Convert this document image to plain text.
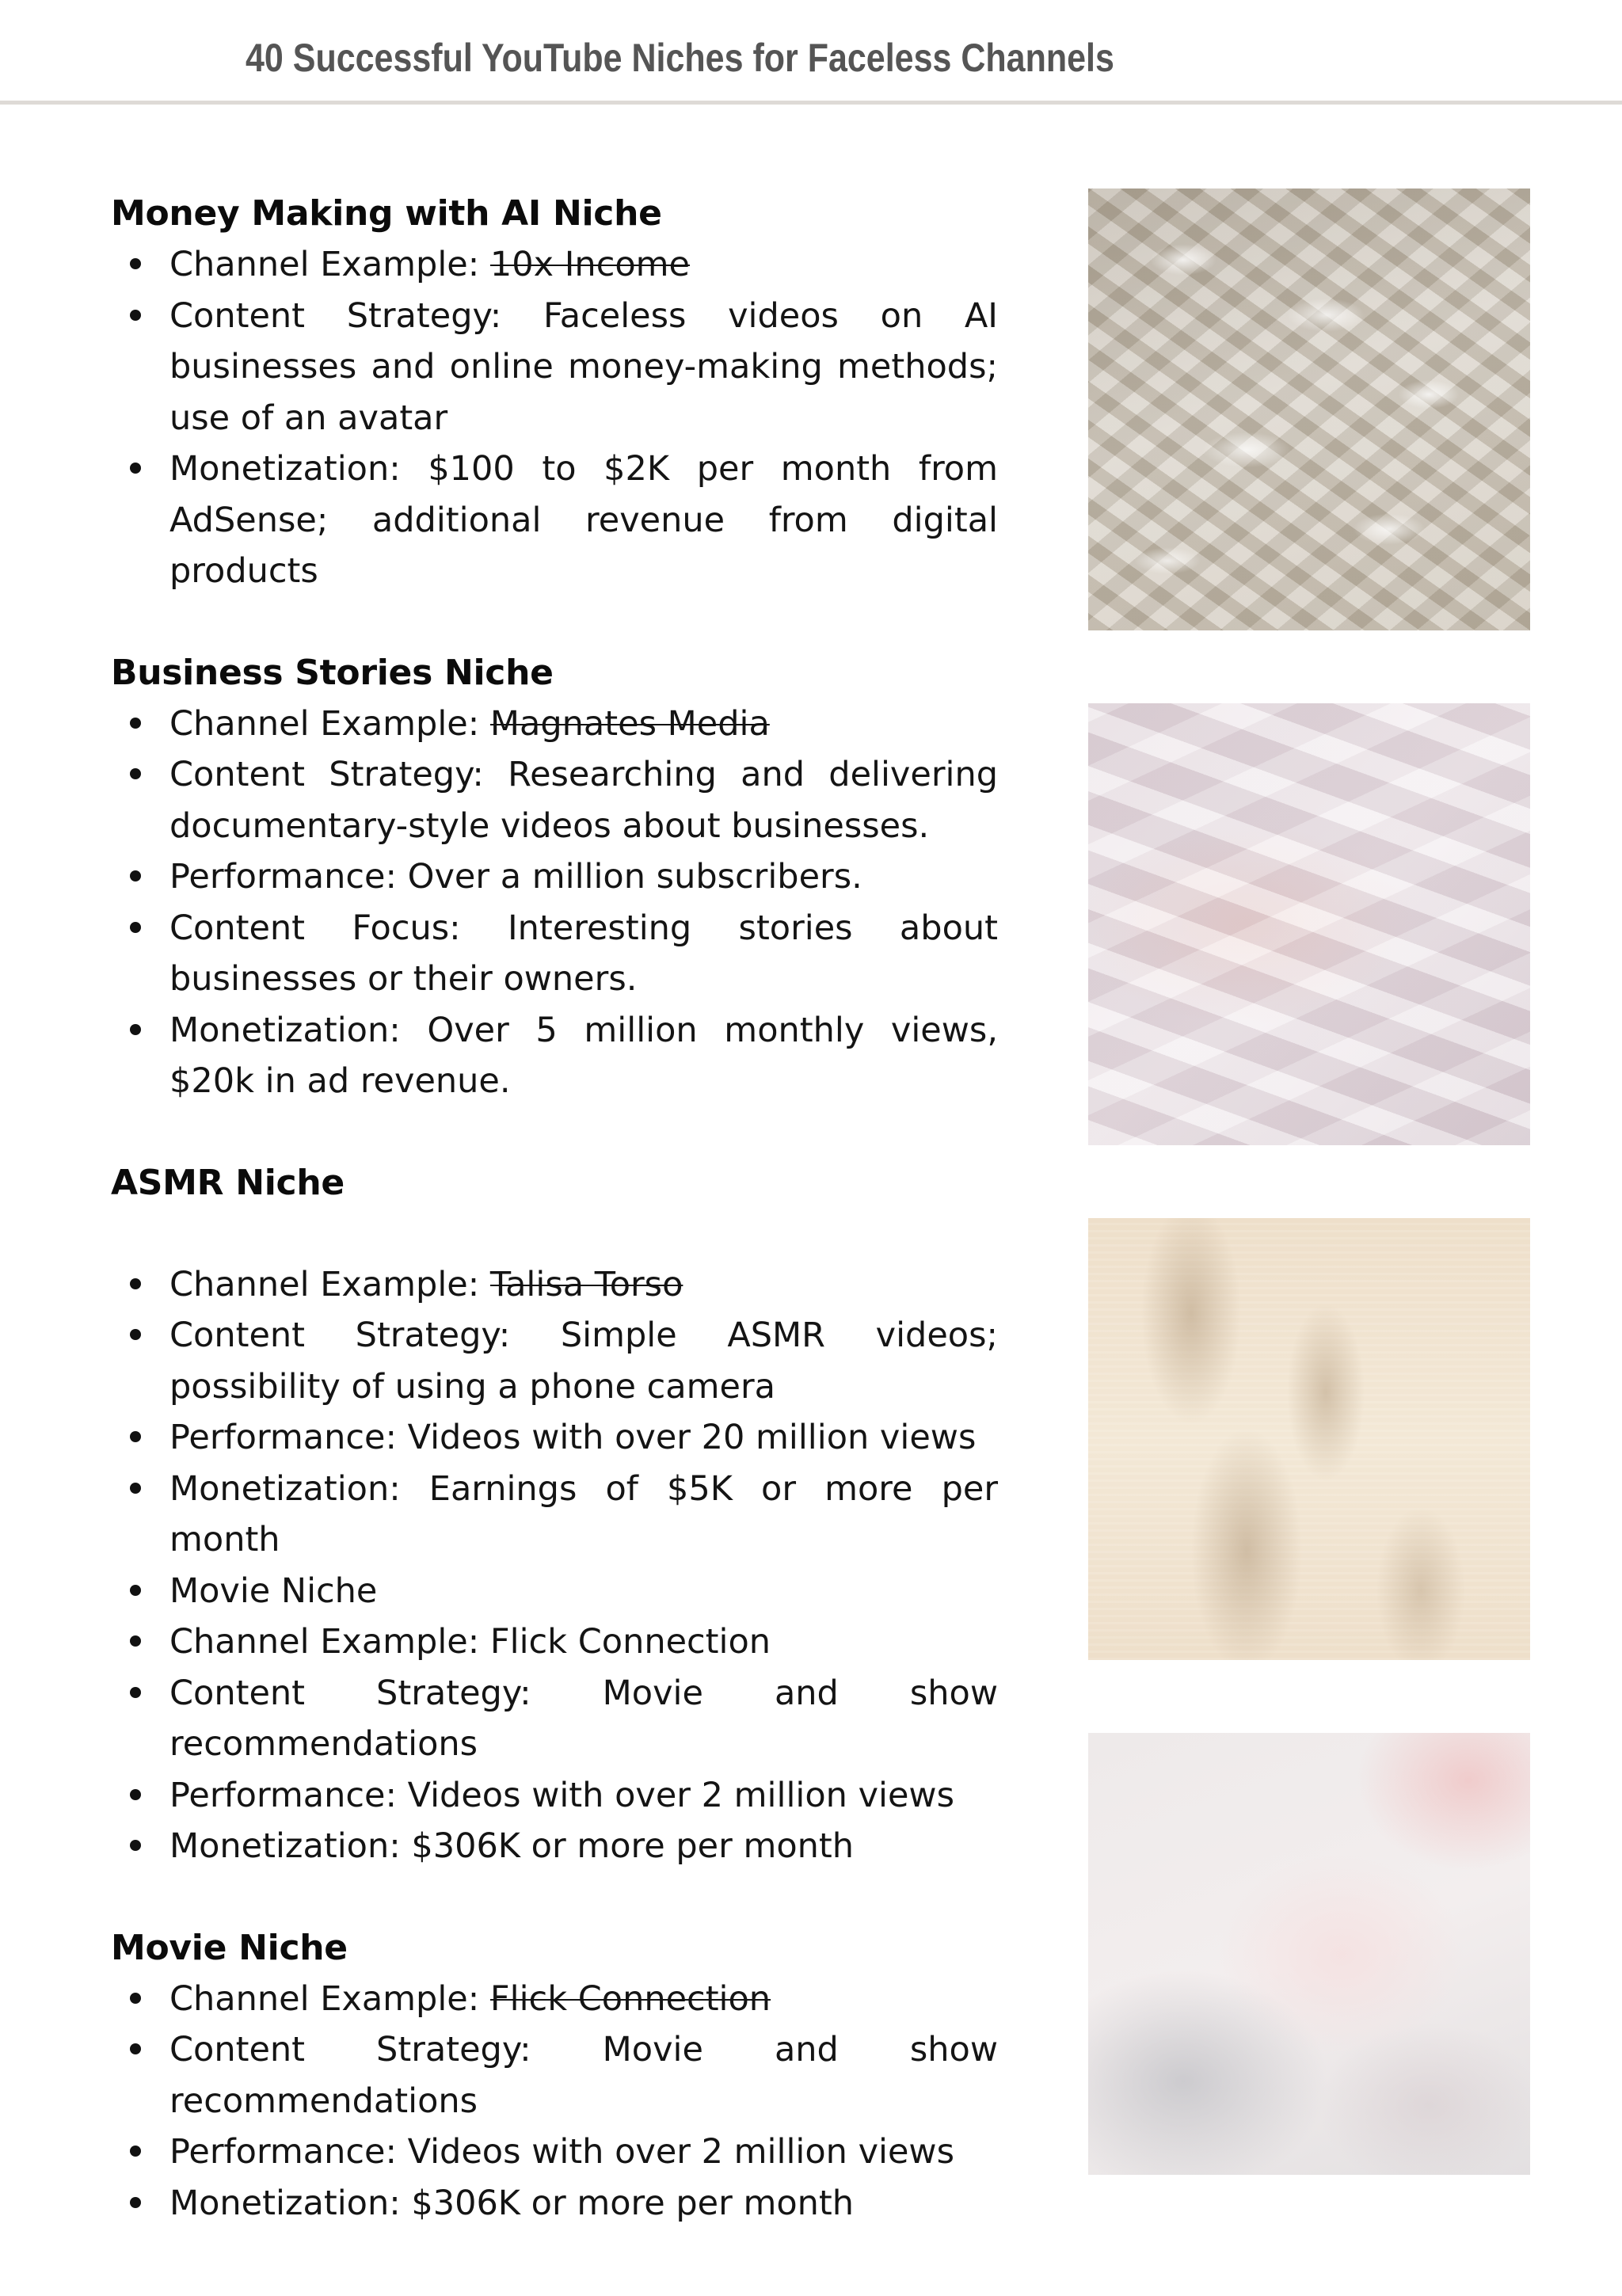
40 Successful YouTube Niches for Faceless Channels
Money Making with AI Niche
Channel Example: 10x Income
Content Strategy: Faceless videos on AI businesses and online money-making methods; use of an avatar
Monetization: $100 to $2K per month from AdSense; additional revenue from digital products
Business Stories Niche
Channel Example: Magnates Media
Content Strategy: Researching and delivering documentary-style videos about businesses.
Performance: Over a million subscribers.
Content Focus: Interesting stories about businesses or their owners.
Monetization: Over 5 million monthly views, $20k in ad revenue.
ASMR Niche
Channel Example: Talisa Torso
Content Strategy: Simple ASMR videos; possibility of using a phone camera
Performance: Videos with over 20 million views
Monetization: Earnings of $5K or more per month
Movie Niche
Channel Example: Flick Connection
Content Strategy: Movie and show recommendations
Performance: Videos with over 2 million views
Monetization: $306K or more per month
Movie Niche
Channel Example: Flick Connection
Content Strategy: Movie and show recommendations
Performance: Videos with over 2 million views
Monetization: $306K or more per month
